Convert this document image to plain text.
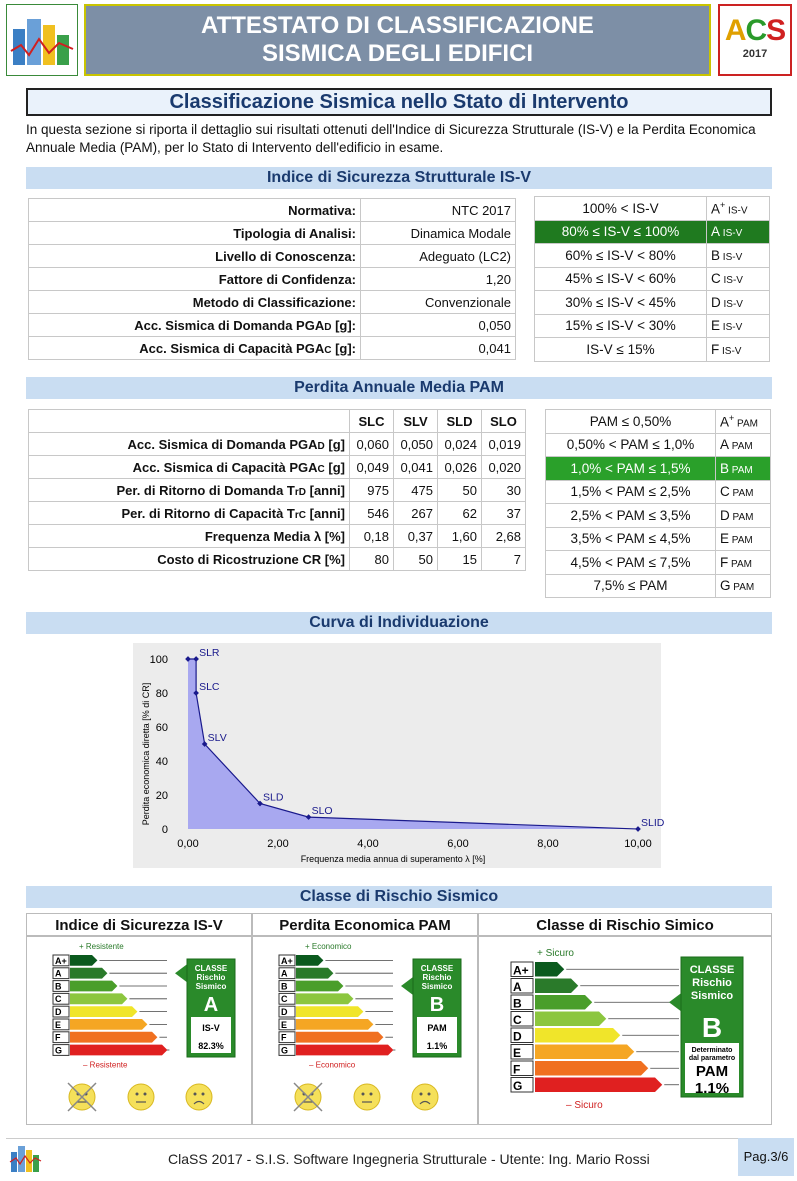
ATTESTATO DI CLASSIFICAZIONE
SISMICA DEGLI EDIFICI
ACS
2017
Classificazione Sismica nello Stato di Intervento
In questa sezione si riporta il dettaglio sui risultati ottenuti dell'Indice di Sicurezza Strutturale (IS-V) e la Perdita Economica Annuale Media (PAM), per lo Stato di Intervento dell'edificio in esame.
Indice di Sicurezza Strutturale IS-V
Normativa:	NTC 2017
Tipologia di Analisi:	Dinamica Modale
Livello di Conoscenza:	Adeguato (LC2)
Fattore di Confidenza:	1,20
Metodo di Classificazione:	Convenzionale
Acc. Sismica di Domanda PGAD [g]:	0,050
Acc. Sismica di Capacità PGAC [g]:	0,041
100% < IS-V	A+ IS-V
80% ≤ IS-V ≤ 100%	A IS-V
60% ≤ IS-V < 80%	B IS-V
45% ≤ IS-V < 60%	C IS-V
30% ≤ IS-V < 45%	D IS-V
15% ≤ IS-V < 30%	E IS-V
IS-V ≤ 15%	F IS-V
Perdita Annuale Media PAM
	SLC	SLV	SLD	SLO
Acc. Sismica di Domanda PGAD [g]	0,060	0,050	0,024	0,019
Acc. Sismica di Capacità PGAC [g]	0,049	0,041	0,026	0,020
Per. di Ritorno di Domanda TrD [anni]	975	475	50	30
Per. di Ritorno di Capacità TrC [anni]	546	267	62	37
Frequenza Media λ [%]	0,18	0,37	1,60	2,68
Costo di Ricostruzione CR [%]	80	50	15	7
PAM ≤ 0,50%	A+ PAM
0,50% < PAM ≤ 1,0%	A PAM
1,0% < PAM ≤ 1,5%	B PAM
1,5% < PAM ≤ 2,5%	C PAM
2,5% < PAM ≤ 3,5%	D PAM
3,5% < PAM ≤ 4,5%	E PAM
4,5% < PAM ≤ 7,5%	F PAM
7,5% ≤ PAM	G PAM
Curva di Individuazione
SLR
SLC
SLV
SLD
SLO
SLID
0
20
40
60
80
100
0,00	2,00	4,00	6,00	8,00	10,00
Frequenza media annua di superamento λ [%]
Perdita economica diretta [% di CR]
Classe di Rischio Sismico
Indice di Sicurezza IS-V
+ Resistente
A+
A
B
C
D
E
F
G
– Resistente
CLASSE
Rischio
Sismico
A
IS-V
82.3%
Perdita Economica PAM
+ Economico
A+
A
B
C
D
E
F
G
– Economico
CLASSE
Rischio
Sismico
B
PAM
1.1%
Classe di Rischio Simico
+ Sicuro
A+
A
B
C
D
E
F
G
– Sicuro
CLASSE
Rischio
Sismico
B
Determinato
dal parametro
PAM
1.1%
ClaSS 2017 - S.I.S. Software Ingegneria Strutturale - Utente: Ing. Mario Rossi	Pag.3/6
